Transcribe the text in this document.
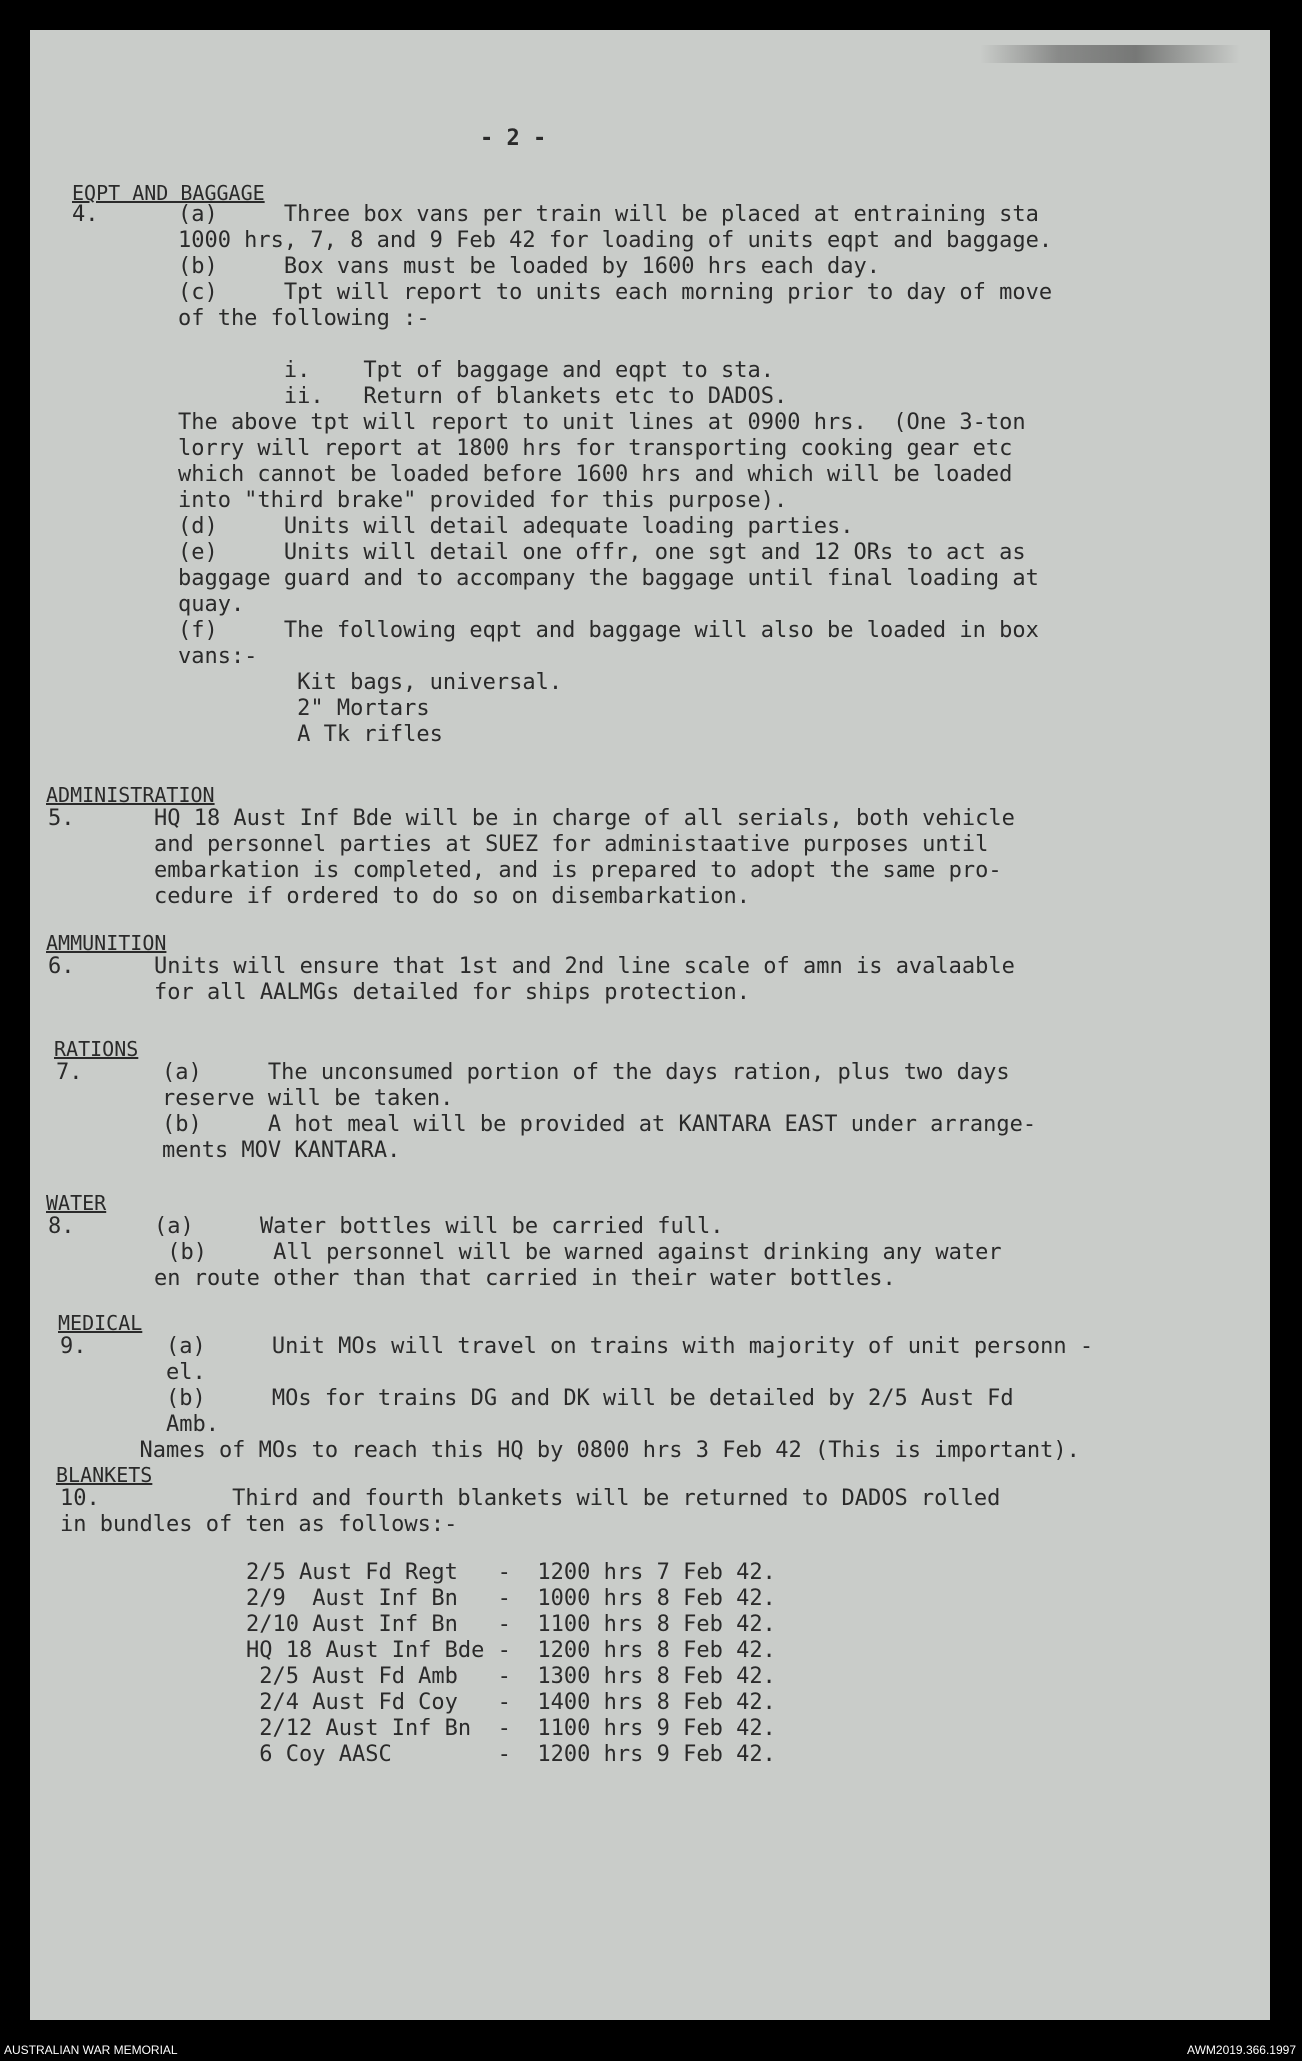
- 2 -
EQPT AND BAGGAGE
4.      (a)     Three box vans per train will be placed at entraining sta
1000 hrs, 7, 8 and 9 Feb 42 for loading of units eqpt and baggage.
(b)     Box vans must be loaded by 1600 hrs each day.
(c)     Tpt will report to units each morning prior to day of move
of the following :-
i.    Tpt of baggage and eqpt to sta.
ii.   Return of blankets etc to DADOS.
The above tpt will report to unit lines at 0900 hrs.  (One 3-ton
lorry will report at 1800 hrs for transporting cooking gear etc
which cannot be loaded before 1600 hrs and which will be loaded
into "third brake" provided for this purpose).
(d)     Units will detail adequate loading parties.
(e)     Units will detail one offr, one sgt and 12 ORs to act as
baggage guard and to accompany the baggage until final loading at
quay.
(f)     The following eqpt and baggage will also be loaded in box
vans:-
Kit bags, universal.
2" Mortars
A Tk rifles
ADMINISTRATION
5.      HQ 18 Aust Inf Bde will be in charge of all serials, both vehicle
and personnel parties at SUEZ for administaative purposes until
embarkation is completed, and is prepared to adopt the same pro-
cedure if ordered to do so on disembarkation.
AMMUNITION
6.      Units will ensure that 1st and 2nd line scale of amn is avalaable
for all AALMGs detailed for ships protection.
RATIONS
7.      (a)     The unconsumed portion of the days ration, plus two days
reserve will be taken.
(b)     A hot meal will be provided at KANTARA EAST under arrange-
ments MOV KANTARA.
WATER
8.      (a)     Water bottles will be carried full.
(b)     All personnel will be warned against drinking any water
en route other than that carried in their water bottles.
MEDICAL
9.      (a)     Unit MOs will travel on trains with majority of unit personn -
el.
(b)     MOs for trains DG and DK will be detailed by 2/5 Aust Fd
Amb.
Names of MOs to reach this HQ by 0800 hrs 3 Feb 42 (This is important).
BLANKETS
10.          Third and fourth blankets will be returned to DADOS rolled
in bundles of ten as follows:-
2/5 Aust Fd Regt   -  1200 hrs 7 Feb 42.
2/9  Aust Inf Bn   -  1000 hrs 8 Feb 42.
2/10 Aust Inf Bn   -  1100 hrs 8 Feb 42.
HQ 18 Aust Inf Bde -  1200 hrs 8 Feb 42.
2/5 Aust Fd Amb   -  1300 hrs 8 Feb 42.
2/4 Aust Fd Coy   -  1400 hrs 8 Feb 42.
2/12 Aust Inf Bn  -  1100 hrs 9 Feb 42.
6 Coy AASC        -  1200 hrs 9 Feb 42.
AUSTRALIAN WAR MEMORIAL	AWM2019.366.1997
